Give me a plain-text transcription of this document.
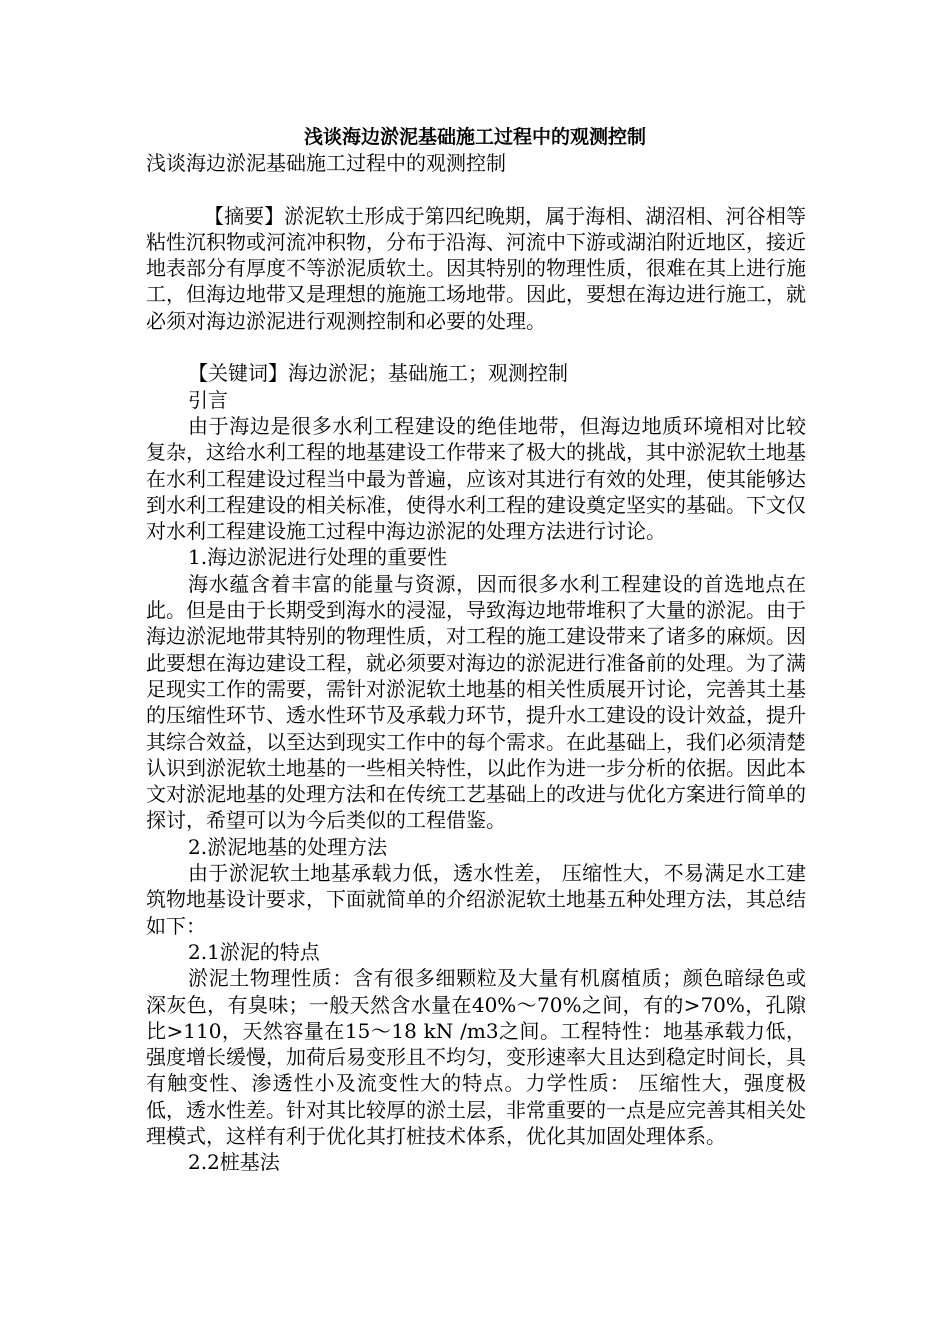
浅谈海边淤泥基础施工过程中的观测控制

浅谈海边淤泥基础施工过程中的观测控制

【摘要】淤泥软土形成于第四纪晚期，属于海相、湖沼相、河谷相等粘性沉积物或河流冲积物，分布于沿海、河流中下游或湖泊附近地区，接近地表部分有厚度不等淤泥质软土。因其特别的物理性质，很难在其上进行施工，但海边地带又是理想的施施工场地带。因此，要想在海边进行施工，就必须对海边淤泥进行观测控制和必要的处理。

【关键词】海边淤泥；基础施工；观测控制

引言

由于海边是很多水利工程建设的绝佳地带，但海边地质环境相对比较复杂，这给水利工程的地基建设工作带来了极大的挑战，其中淤泥软土地基在水利工程建设过程当中最为普遍，应该对其进行有效的处理，使其能够达到水利工程建设的相关标准，使得水利工程的建设奠定坚实的基础。下文仅对水利工程建设施工过程中海边淤泥的处理方法进行讨论。

1.海边淤泥进行处理的重要性

海水蕴含着丰富的能量与资源，因而很多水利工程建设的首选地点在此。但是由于长期受到海水的浸湿，导致海边地带堆积了大量的淤泥。由于海边淤泥地带其特别的物理性质，对工程的施工建设带来了诸多的麻烦。因此要想在海边建设工程，就必须要对海边的淤泥进行准备前的处理。为了满足现实工作的需要，需针对淤泥软土地基的相关性质展开讨论，完善其土基的压缩性环节、透水性环节及承载力环节，提升水工建设的设计效益，提升其综合效益，以至达到现实工作中的每个需求。在此基础上，我们必须清楚认识到淤泥软土地基的一些相关特性，以此作为进一步分析的依据。因此本文对淤泥地基的处理方法和在传统工艺基础上的改进与优化方案进行简单的探讨，希望可以为今后类似的工程借鉴。

2.淤泥地基的处理方法

由于淤泥软土地基承载力低，透水性差， 压缩性大，不易满足水工建筑物地基设计要求，下面就简单的介绍淤泥软土地基五种处理方法，其总结如下：

2.1淤泥的特点

淤泥土物理性质：含有很多细颗粒及大量有机腐植质；颜色暗绿色或深灰色，有臭味；一般天然含水量在40%～70%之间，有的>70%，孔隙比>110，天然容量在15～18 kN /m3之间。工程特性：地基承载力低，强度增长缓慢，加荷后易变形且不均匀，变形速率大且达到稳定时间长，具有触变性、渗透性小及流变性大的特点。力学性质： 压缩性大，强度极低，透水性差。针对其比较厚的淤土层，非常重要的一点是应完善其相关处理模式，这样有利于优化其打桩技术体系，优化其加固处理体系。

2.2桩基法
